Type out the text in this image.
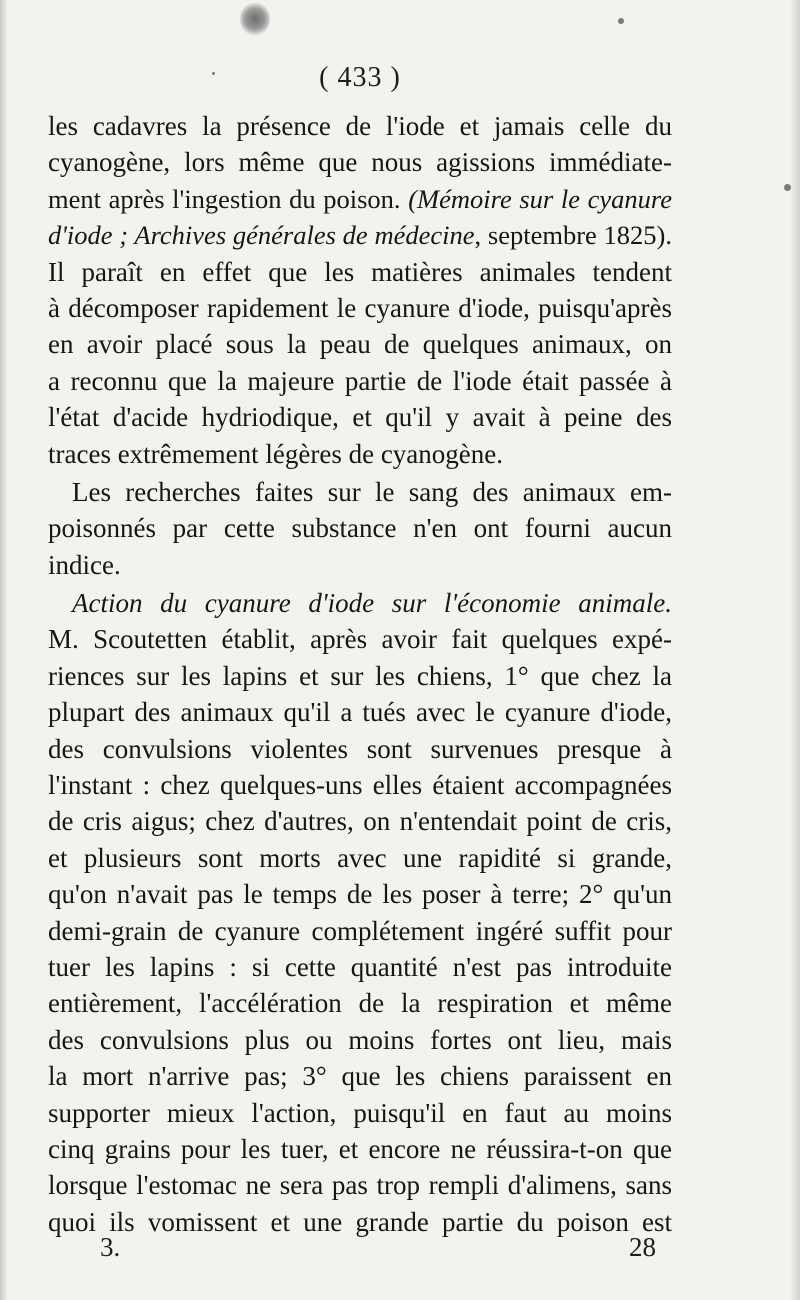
( 433 )
les cadavres la présence de l'iode et jamais celle du
cyanogène, lors même que nous agissions immédiate-
ment après l'ingestion du poison. (Mémoire sur le cyanure
d'iode ; Archives générales de médecine, septembre 1825).
Il paraît en effet que les matières animales tendent
à décomposer rapidement le cyanure d'iode, puisqu'après
en avoir placé sous la peau de quelques animaux, on
a reconnu que la majeure partie de l'iode était passée à
l'état d'acide hydriodique, et qu'il y avait à peine des
traces extrêmement légères de cyanogène.
Les recherches faites sur le sang des animaux em-
poisonnés par cette substance n'en ont fourni aucun
indice.
Action du cyanure d'iode sur l'économie animale.
M. Scoutetten établit, après avoir fait quelques expé-
riences sur les lapins et sur les chiens, 1° que chez la
plupart des animaux qu'il a tués avec le cyanure d'iode,
des convulsions violentes sont survenues presque à
l'instant : chez quelques-uns elles étaient accompagnées
de cris aigus; chez d'autres, on n'entendait point de cris,
et plusieurs sont morts avec une rapidité si grande,
qu'on n'avait pas le temps de les poser à terre; 2° qu'un
demi-grain de cyanure complétement ingéré suffit pour
tuer les lapins : si cette quantité n'est pas introduite
entièrement, l'accélération de la respiration et même
des convulsions plus ou moins fortes ont lieu, mais
la mort n'arrive pas; 3° que les chiens paraissent en
supporter mieux l'action, puisqu'il en faut au moins
cinq grains pour les tuer, et encore ne réussira-t-on que
lorsque l'estomac ne sera pas trop rempli d'alimens, sans
quoi ils vomissent et une grande partie du poison est
3.	28
